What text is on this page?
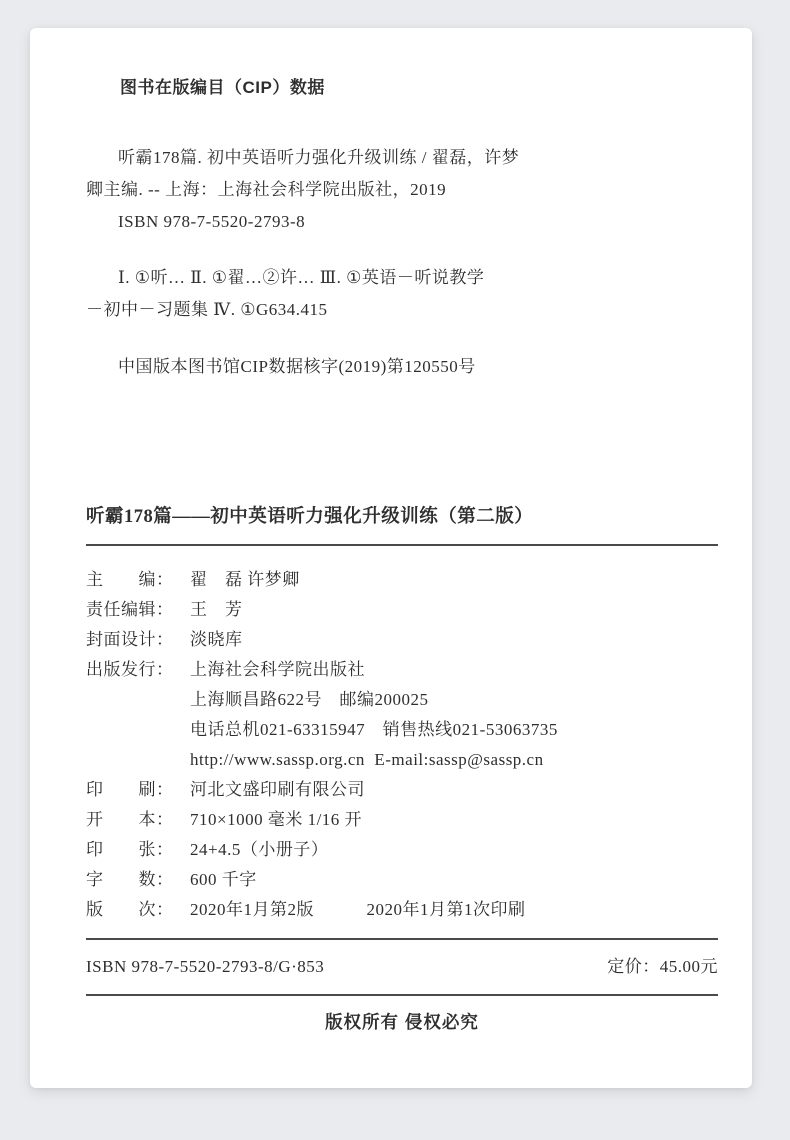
图书在版编目（CIP）数据
听霸178篇. 初中英语听力强化升级训练 / 翟磊，许梦
卿主编. -- 上海：上海社会科学院出版社，2019
ISBN 978-7-5520-2793-8
Ⅰ. ①听… Ⅱ. ①翟…②许… Ⅲ. ①英语－听说教学
－初中－习题集 Ⅳ. ①G634.415
中国版本图书馆CIP数据核字(2019)第120550号
听霸178篇——初中英语听力强化升级训练（第二版）
主　　编： 翟　磊 许梦卿
责任编辑： 王　芳
封面设计： 淡晓库
出版发行： 上海社会科学院出版社
上海顺昌路622号　邮编200025
电话总机021-63315947　销售热线021-53063735
http://www.sassp.org.cn  E-mail:sassp@sassp.cn
印　　刷： 河北文盛印刷有限公司
开　　本： 710×1000 毫米 1/16 开
印　　张： 24+4.5（小册子）
字　　数： 600 千字
版　　次： 2020年1月第2版　　　2020年1月第1次印刷
ISBN 978-7-5520-2793-8/G·853	定价：45.00元
版权所有 侵权必究
